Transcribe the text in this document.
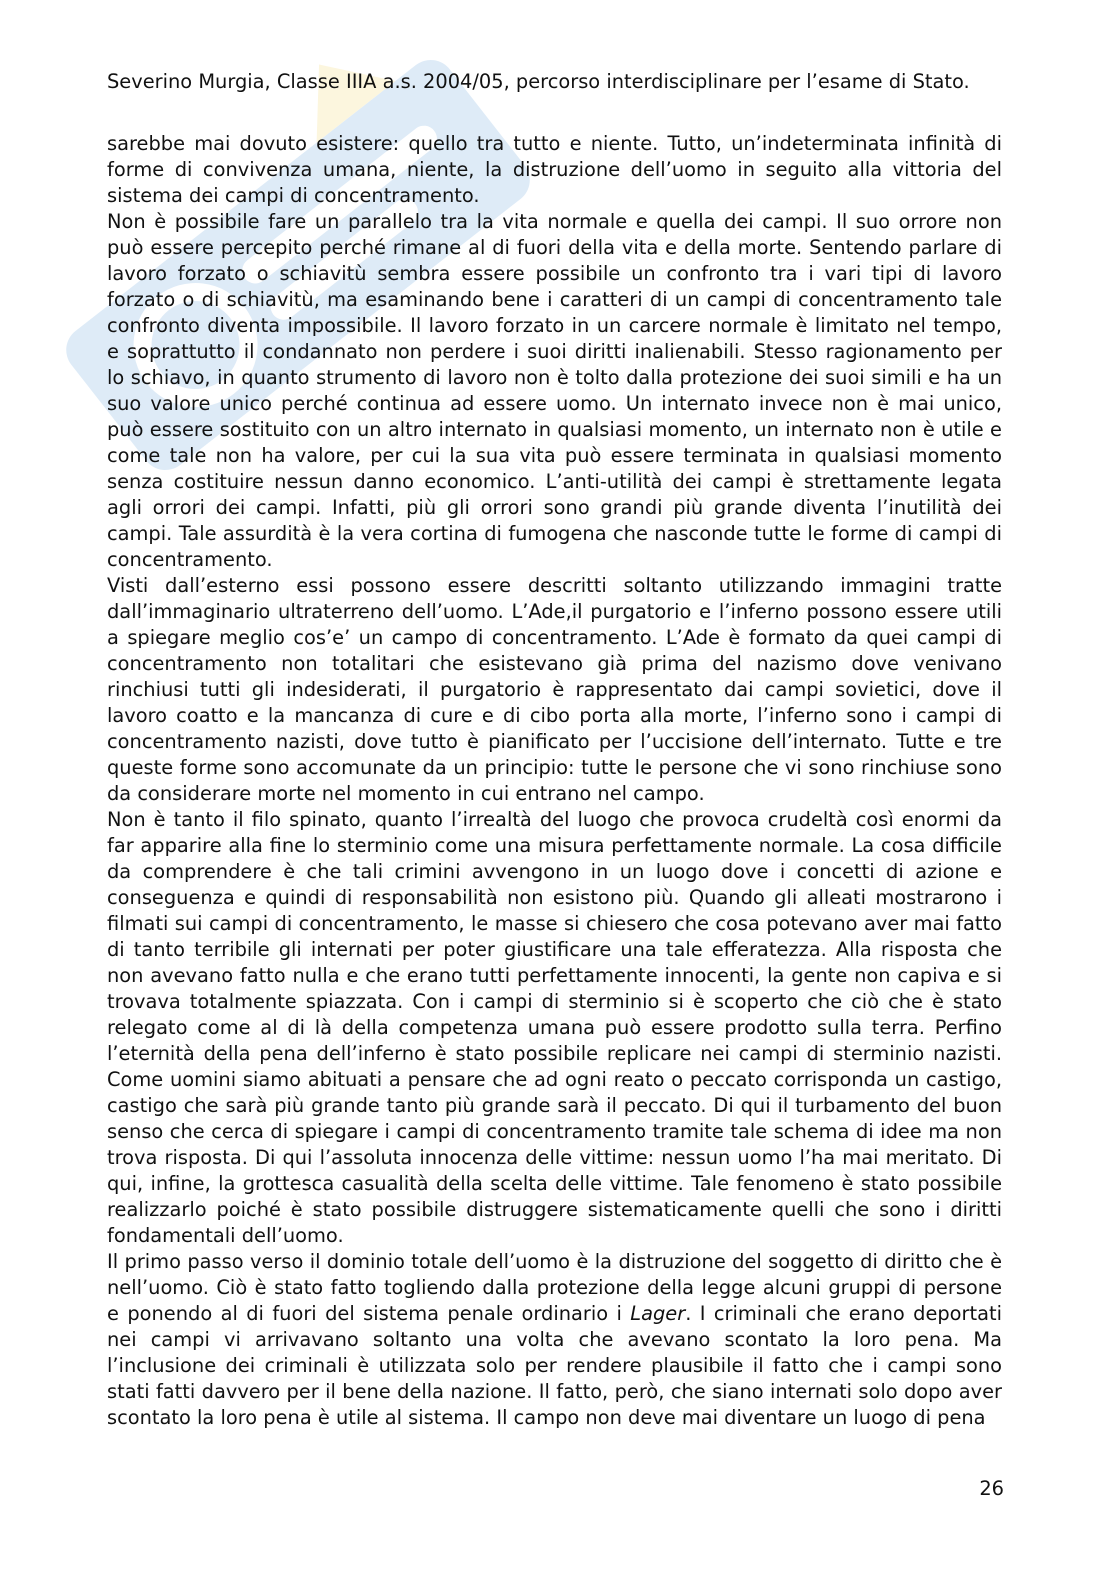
Severino Murgia, Classe IIIA a.s. 2004/05, percorso interdisciplinare per l’esame di Stato.

sarebbe mai dovuto esistere: quello tra tutto e niente. Tutto, un’indeterminata infinità di forme di convivenza umana, niente, la distruzione dell’uomo in seguito alla vittoria del sistema dei campi di concentramento.

Non è possibile fare un parallelo tra la vita normale e quella dei campi. Il suo orrore non può essere percepito perché rimane al di fuori della vita e della morte. Sentendo parlare di lavoro forzato o schiavitù sembra essere possibile un confronto tra i vari tipi di lavoro forzato o di schiavitù, ma esaminando bene i caratteri di un campi di concentramento tale confronto diventa impossibile. Il lavoro forzato in un carcere normale è limitato nel tempo, e soprattutto il condannato non perdere i suoi diritti inalienabili. Stesso ragionamento per lo schiavo, in quanto strumento di lavoro non è tolto dalla protezione dei suoi simili e ha un suo valore unico perché continua ad essere uomo. Un internato invece non è mai unico, può essere sostituito con un altro internato in qualsiasi momento, un internato non è utile e come tale non ha valore, per cui la sua vita può essere terminata in qualsiasi momento senza costituire nessun danno economico. L’anti-utilità dei campi è strettamente legata agli orrori dei campi. Infatti, più gli orrori sono grandi più grande diventa l’inutilità dei campi. Tale assurdità è la vera cortina di fumogena che nasconde tutte le forme di campi di concentramento.

Visti dall’esterno essi possono essere descritti soltanto utilizzando immagini tratte dall’immaginario ultraterreno dell’uomo. L’Ade,il purgatorio e l’inferno possono essere utili a spiegare meglio cos’e’ un campo di concentramento. L’Ade è formato da quei campi di concentramento non totalitari che esistevano già prima del nazismo dove venivano rinchiusi tutti gli indesiderati, il purgatorio è rappresentato dai campi sovietici, dove il lavoro coatto e la mancanza di cure e di cibo porta alla morte, l’inferno sono i campi di concentramento nazisti, dove tutto è pianificato per l’uccisione dell’internato. Tutte e tre queste forme sono accomunate da un principio: tutte le persone che vi sono rinchiuse sono da considerare morte nel momento in cui entrano nel campo.

Non è tanto il filo spinato, quanto l’irrealtà del luogo che provoca crudeltà così enormi da far apparire alla fine lo sterminio come una misura perfettamente normale. La cosa difficile da comprendere è che tali crimini avvengono in un luogo dove i concetti di azione e conseguenza e quindi di responsabilità non esistono più. Quando gli alleati mostrarono i filmati sui campi di concentramento, le masse si chiesero che cosa potevano aver mai fatto di tanto terribile gli internati per poter giustificare una tale efferatezza. Alla risposta che non avevano fatto nulla e che erano tutti perfettamente innocenti, la gente non capiva e si trovava totalmente spiazzata. Con i campi di sterminio si è scoperto che ciò che è stato relegato come al di là della competenza umana può essere prodotto sulla terra. Perfino l’eternità della pena dell’inferno è stato possibile replicare nei campi di sterminio nazisti. Come uomini siamo abituati a pensare che ad ogni reato o peccato corrisponda un castigo, castigo che sarà più grande tanto più grande sarà il peccato. Di qui il turbamento del buon senso che cerca di spiegare i campi di concentramento tramite tale schema di idee ma non trova risposta. Di qui l’assoluta innocenza delle vittime: nessun uomo l’ha mai meritato. Di qui, infine, la grottesca casualità della scelta delle vittime. Tale fenomeno è stato possibile realizzarlo poiché è stato possibile distruggere sistematicamente quelli che sono i diritti fondamentali dell’uomo.

Il primo passo verso il dominio totale dell’uomo è la distruzione del soggetto di diritto che è nell’uomo. Ciò è stato fatto togliendo dalla protezione della legge alcuni gruppi di persone e ponendo al di fuori del sistema penale ordinario i Lager. I criminali che erano deportati nei campi vi arrivavano soltanto una volta che avevano scontato la loro pena. Ma l’inclusione dei criminali è utilizzata solo per rendere plausibile il fatto che i campi sono stati fatti davvero per il bene della nazione. Il fatto, però, che siano internati solo dopo aver scontato la loro pena è utile al sistema. Il campo non deve mai diventare un luogo di pena

26
